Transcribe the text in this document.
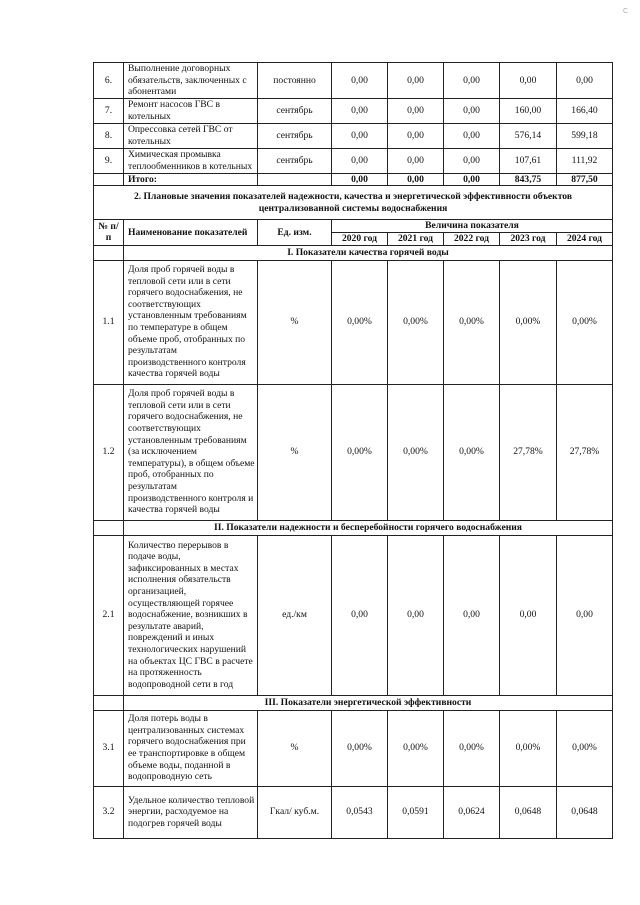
С
6.	Выполнение договорных обязательств, заключенных с абонентами	постоянно	0,00	0,00	0,00	0,00	0,00
7.	Ремонт насосов ГВС в котельных	сентябрь	0,00	0,00	0,00	160,00	166,40
8.	Опрессовка сетей ГВС от котельных	сентябрь	0,00	0,00	0,00	576,14	599,18
9.	Химическая промывка теплообменников в котельных	сентябрь	0,00	0,00	0,00	107,61	111,92
	Итого:		0,00	0,00	0,00	843,75	877,50
2. Плановые значения показателей надежности, качества и энергетической эффективности объектов централизованной системы водоснабжения							
№ п/п	Наименование показателей	Ед. изм.	Величина показателя				
			2020 год	2021 год	2022 год	2023 год	2024 год
	I. Показатели качества горячей воды						
1.1	Доля проб горячей воды в тепловой сети или в сети горячего водоснабжения, не соответствующих установленным требованиям по температуре в общем объеме проб, отобранных по результатам производственного контроля качества горячей воды	%	0,00%	0,00%	0,00%	0,00%	0,00%
1.2	Доля проб горячей воды в тепловой сети или в сети горячего водоснабжения, не соответствующих установленным требованиям (за исключением температуры), в общем объеме проб, отобранных по результатам производственного контроля и качества горячей воды	%	0,00%	0,00%	0,00%	27,78%	27,78%
	II. Показатели надежности и бесперебойности горячего водоснабжения						
2.1	Количество перерывов в подаче воды, зафиксированных в местах исполнения обязательств организацией, осуществляющей горячее водоснабжение, возникших в результате аварий, повреждений и иных технологических нарушений на объектах ЦС ГВС в расчете на протяженность водопроводной сети в год	ед./км	0,00	0,00	0,00	0,00	0,00
	III. Показатели энергетической эффективности						
3.1	Доля потерь воды в централизованных системах горячего водоснабжения при ее транспортировке в общем объеме воды, поданной в водопроводную сеть	%	0,00%	0,00%	0,00%	0,00%	0,00%
3.2	Удельное количество тепловой энергии, расходуемое на подогрев горячей воды	Гкал/ куб.м.	0,0543	0,0591	0,0624	0,0648	0,0648
